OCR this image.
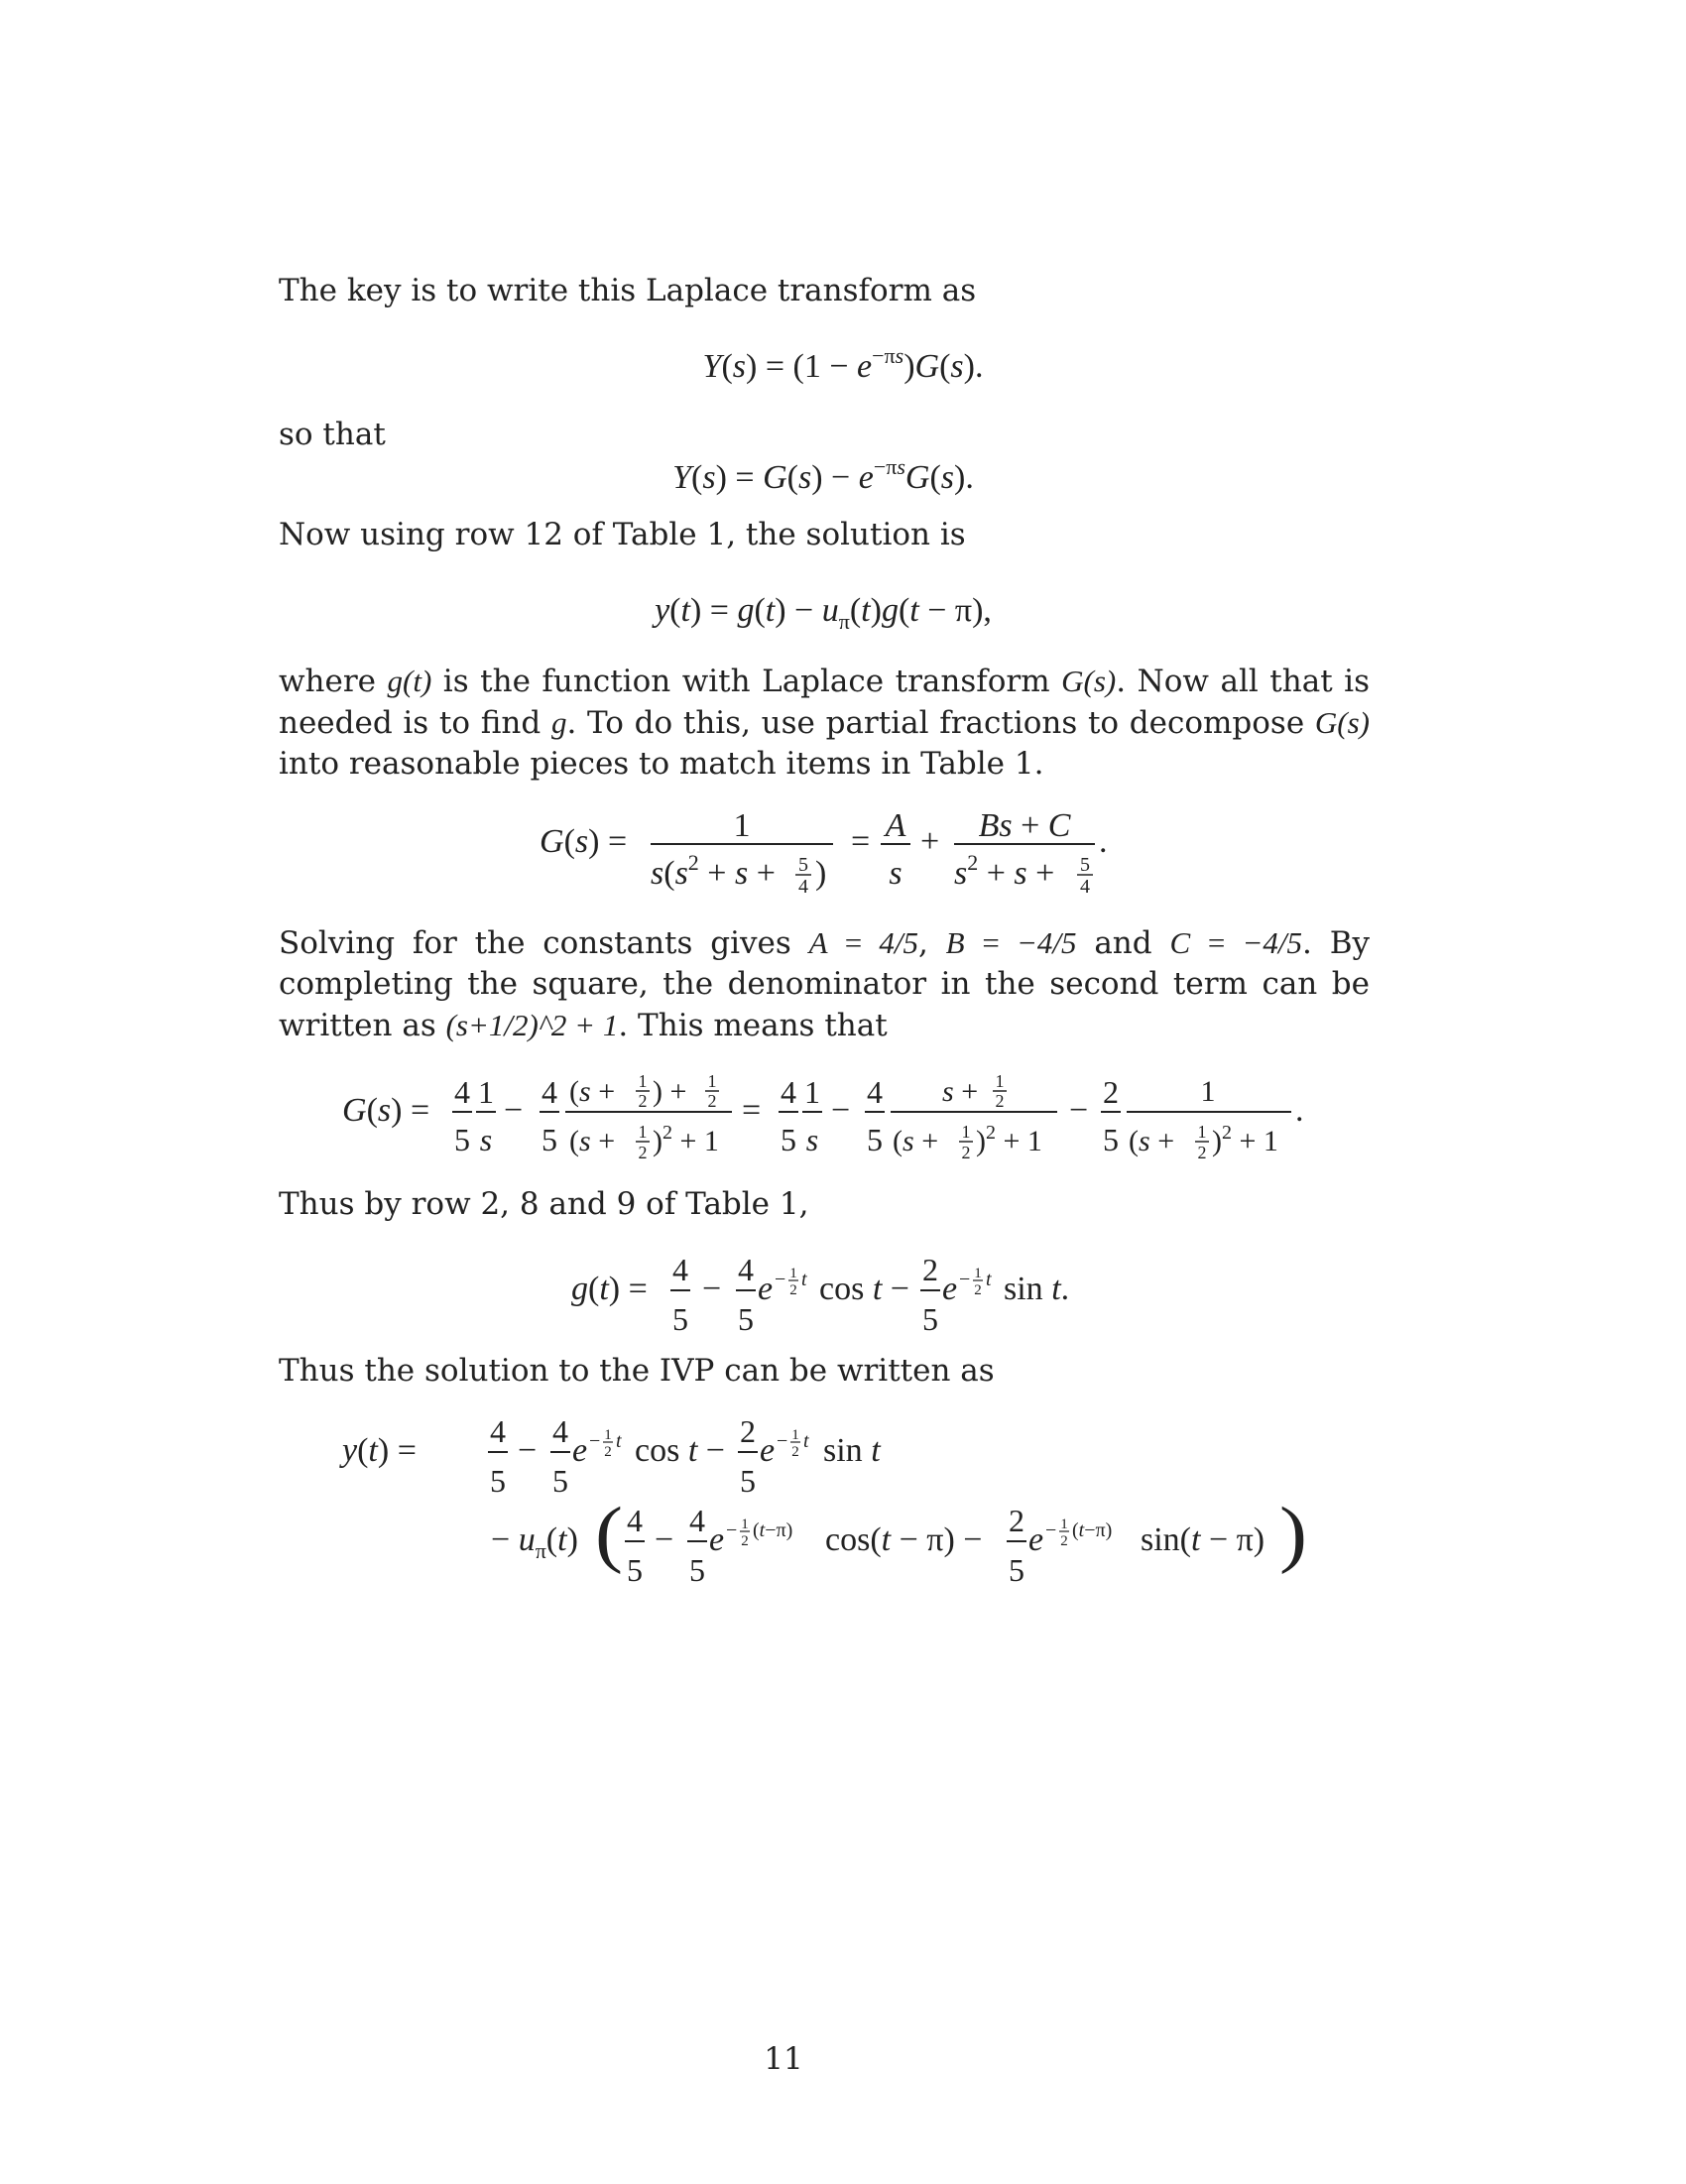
The key is to write this Laplace transform as

$Y(s) = (1 - e^{-\pi s})G(s)$.

so that

$Y(s) = G(s) - e^{-\pi s}G(s)$.

Now using row 12 of Table 1, the solution is

$y(t) = g(t) - u_\pi(t)g(t - \pi)$,

where g(t) is the function with Laplace transform G(s). Now all that is needed is to find g. To do this, use partial fractions to decompose G(s) into reasonable pieces to match items in Table 1.

G(s) =	1
$s(s^2 + s + 5$
4 )
= A
s
+ Bs + C
$s^2 + s + 5$
4
.

Solving for the constants gives A = 4/5, B = −4/5 and C = −4/5. By completing the square, the denominator in the second term can be written as (s+1/2)^2 + 1. This means that

G(s) = 4
5
1
s
− 4
5
(s + 1
2 ) + 1
2
(s + 1
2 )$^2$ + 1
= 4
5
1
s
− 4
5
s + 1
2
(s + 1
2 )$^2$ + 1
− 2
5
1
(s + 1
2 )$^2$ + 1
.

Thus by row 2, 8 and 9 of Table 1,

g(t) =
4
5
−
4
5
e − 1
2 t cos t −
2
5
e − 1
2 t sin t.

Thus the solution to the IVP can be written as

y(t) =
4
5
−
4
5
e − 1
2 t cos t −
2
5
e − 1
2 t sin t
− $u_\pi(t)$ ( 4
5
−
4
5
e − 1
2 (t−π) cos(t − π) −
2
5
e − 1
2 (t−π) sin(t − π) )
11
